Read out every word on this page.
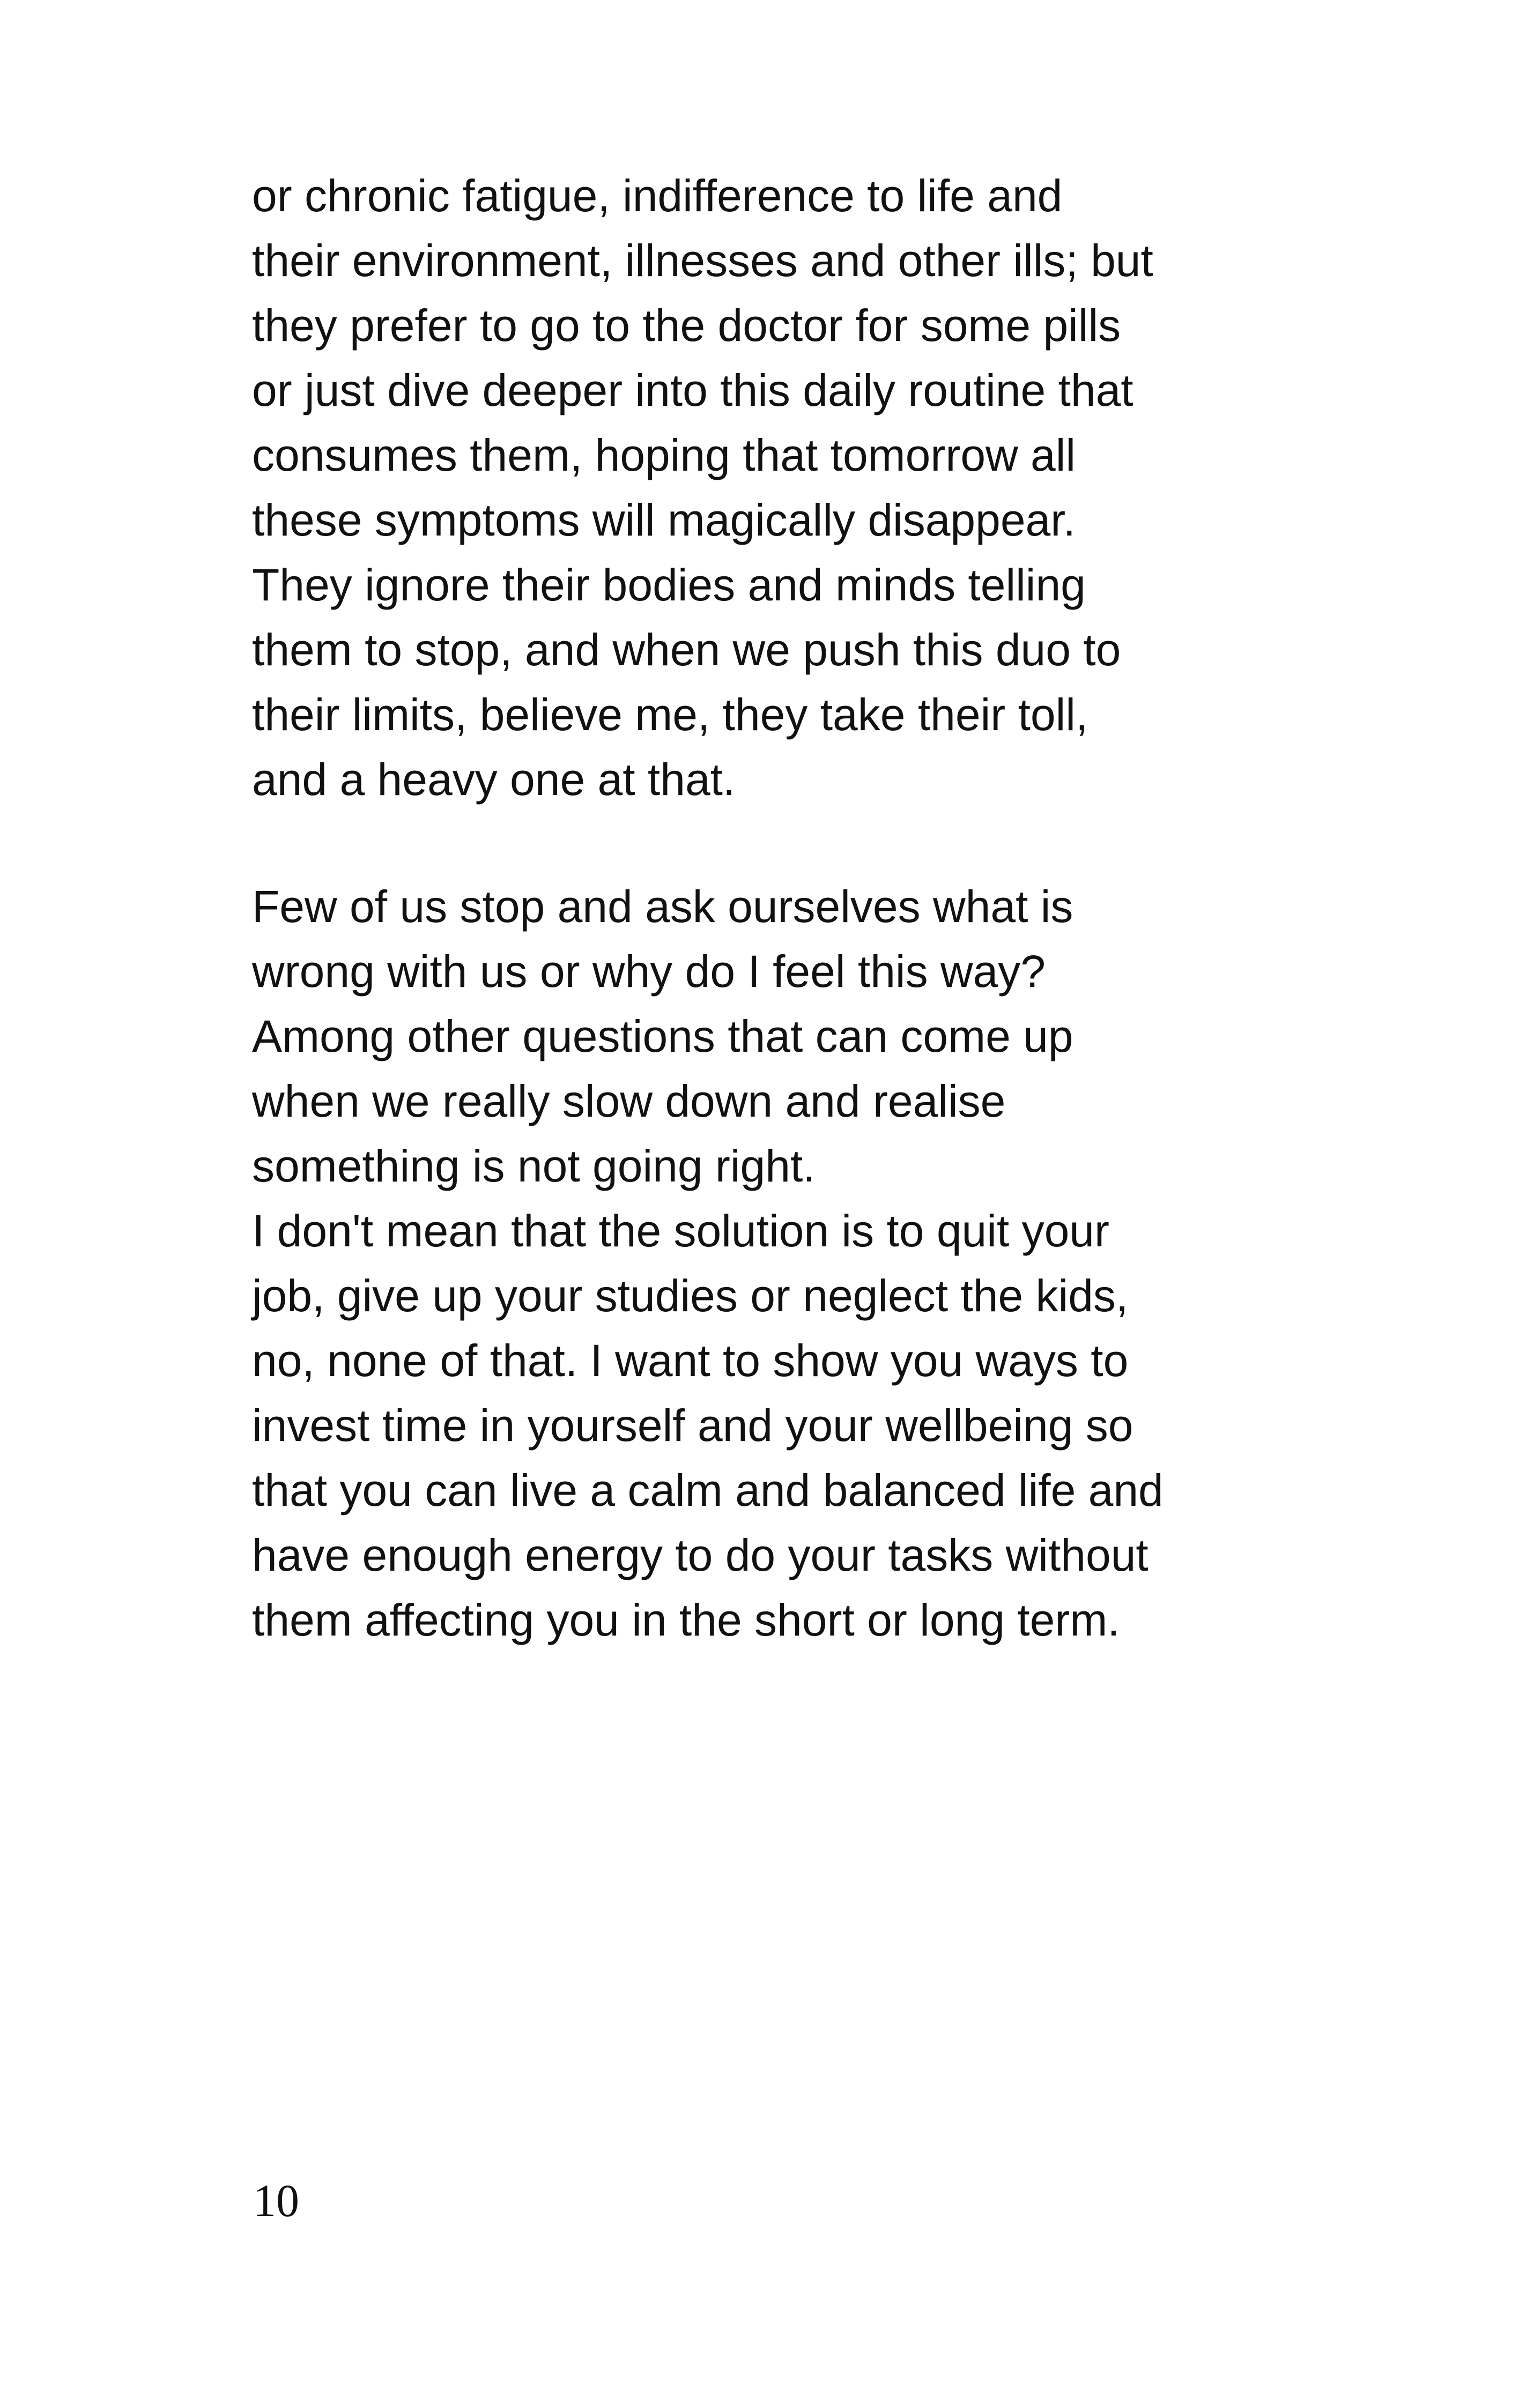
or chronic fatigue, indifference to life and
their environment, illnesses and other ills; but
they prefer to go to the doctor for some pills
or just dive deeper into this daily routine that
consumes them, hoping that tomorrow all
these symptoms will magically disappear.
They ignore their bodies and minds telling
them to stop, and when we push this duo to
their limits, believe me, they take their toll,
and a heavy one at that.
Few of us stop and ask ourselves what is
wrong with us or why do I feel this way?
Among other questions that can come up
when we really slow down and realise
something is not going right.
I don't mean that the solution is to quit your
job, give up your studies or neglect the kids,
no, none of that. I want to show you ways to
invest time in yourself and your wellbeing so
that you can live a calm and balanced life and
have enough energy to do your tasks without
them affecting you in the short or long term.
10
